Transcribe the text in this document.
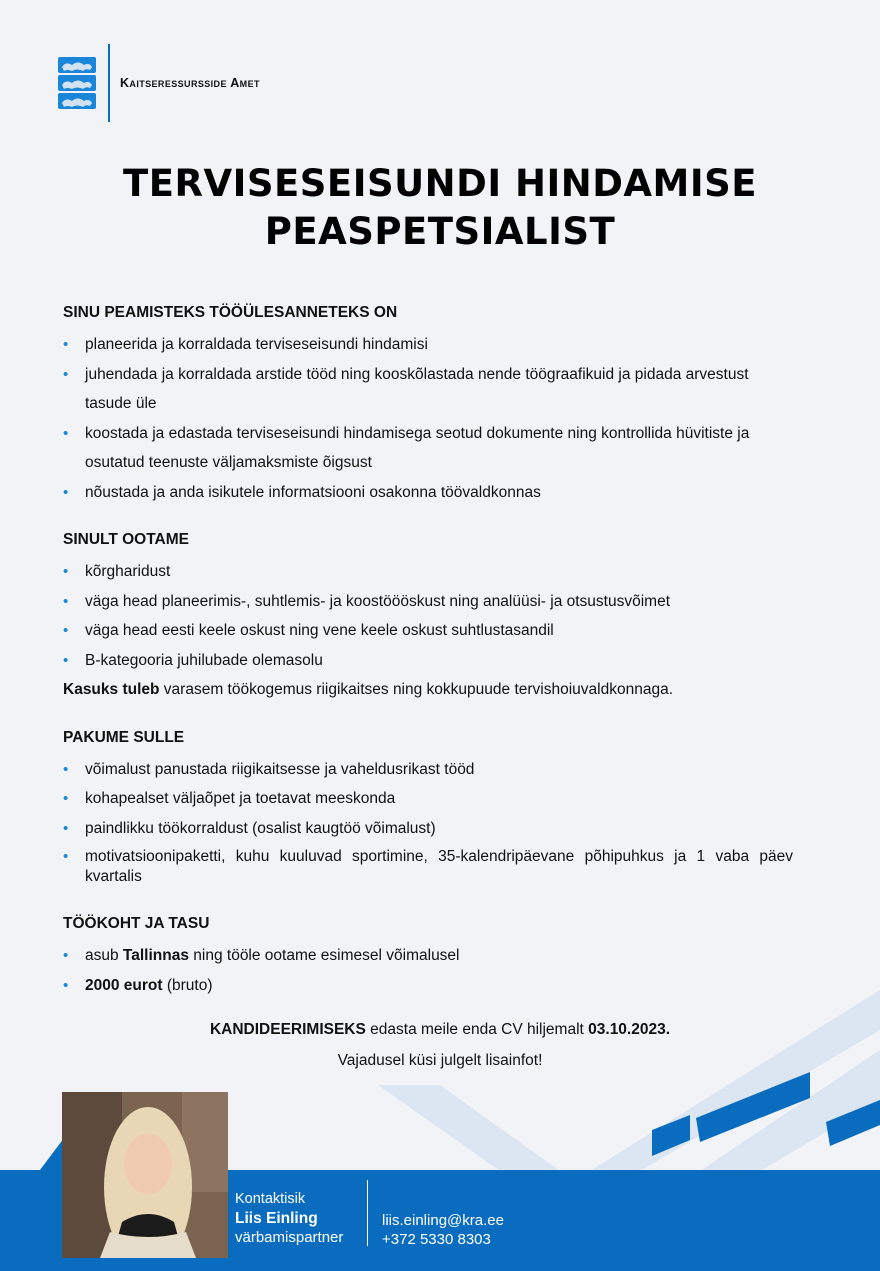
Kaitseressursside Amet
TERVISESEISUNDI HINDAMISE
PEASPETSIALIST
SINU PEAMISTEKS TÖÖÜLESANNETEKS ON
• planeerida ja korraldada terviseseisundi hindamisi
• juhendada ja korraldada arstide tööd ning kooskõlastada nende töögraafikuid ja pidada arvestust tasude üle
• koostada ja edastada terviseseisundi hindamisega seotud dokumente ning kontrollida hüvitiste ja osutatud teenuste väljamaksmiste õigsust
• nõustada ja anda isikutele informatsiooni osakonna töövaldkonnas
SINULT OOTAME
• kõrgharidust
• väga head planeerimis-, suhtlemis- ja koostöööskust ning analüüsi- ja otsustusvõimet
• väga head eesti keele oskust ning vene keele oskust suhtlustasandil
• B-kategooria juhilubade olemasolu
Kasuks tuleb varasem töökogemus riigikaitses ning kokkupuude tervishoiuvaldkonnaga.
PAKUME SULLE
• võimalust panustada riigikaitsesse ja vaheldusrikast tööd
• kohapealset väljaõpet ja toetavat meeskonda
• paindlikku töökorraldust (osalist kaugtöö võimalust)
• motivatsioonipaketti, kuhu kuuluvad sportimine, 35-kalendripäevane põhipuhkus ja 1 vaba päev kvartalis
TÖÖKOHT JA TASU
• asub Tallinnas ning tööle ootame esimesel võimalusel
• 2000 eurot (bruto)
Kontaktisik
Liis Einling
värbamispartner
liis.einling@kra.ee
+372 5330 8303
KANDIDEERIMISEKS edasta meile enda CV hiljemalt 03.10.2023.
Vajadusel küsi julgelt lisainfot!
